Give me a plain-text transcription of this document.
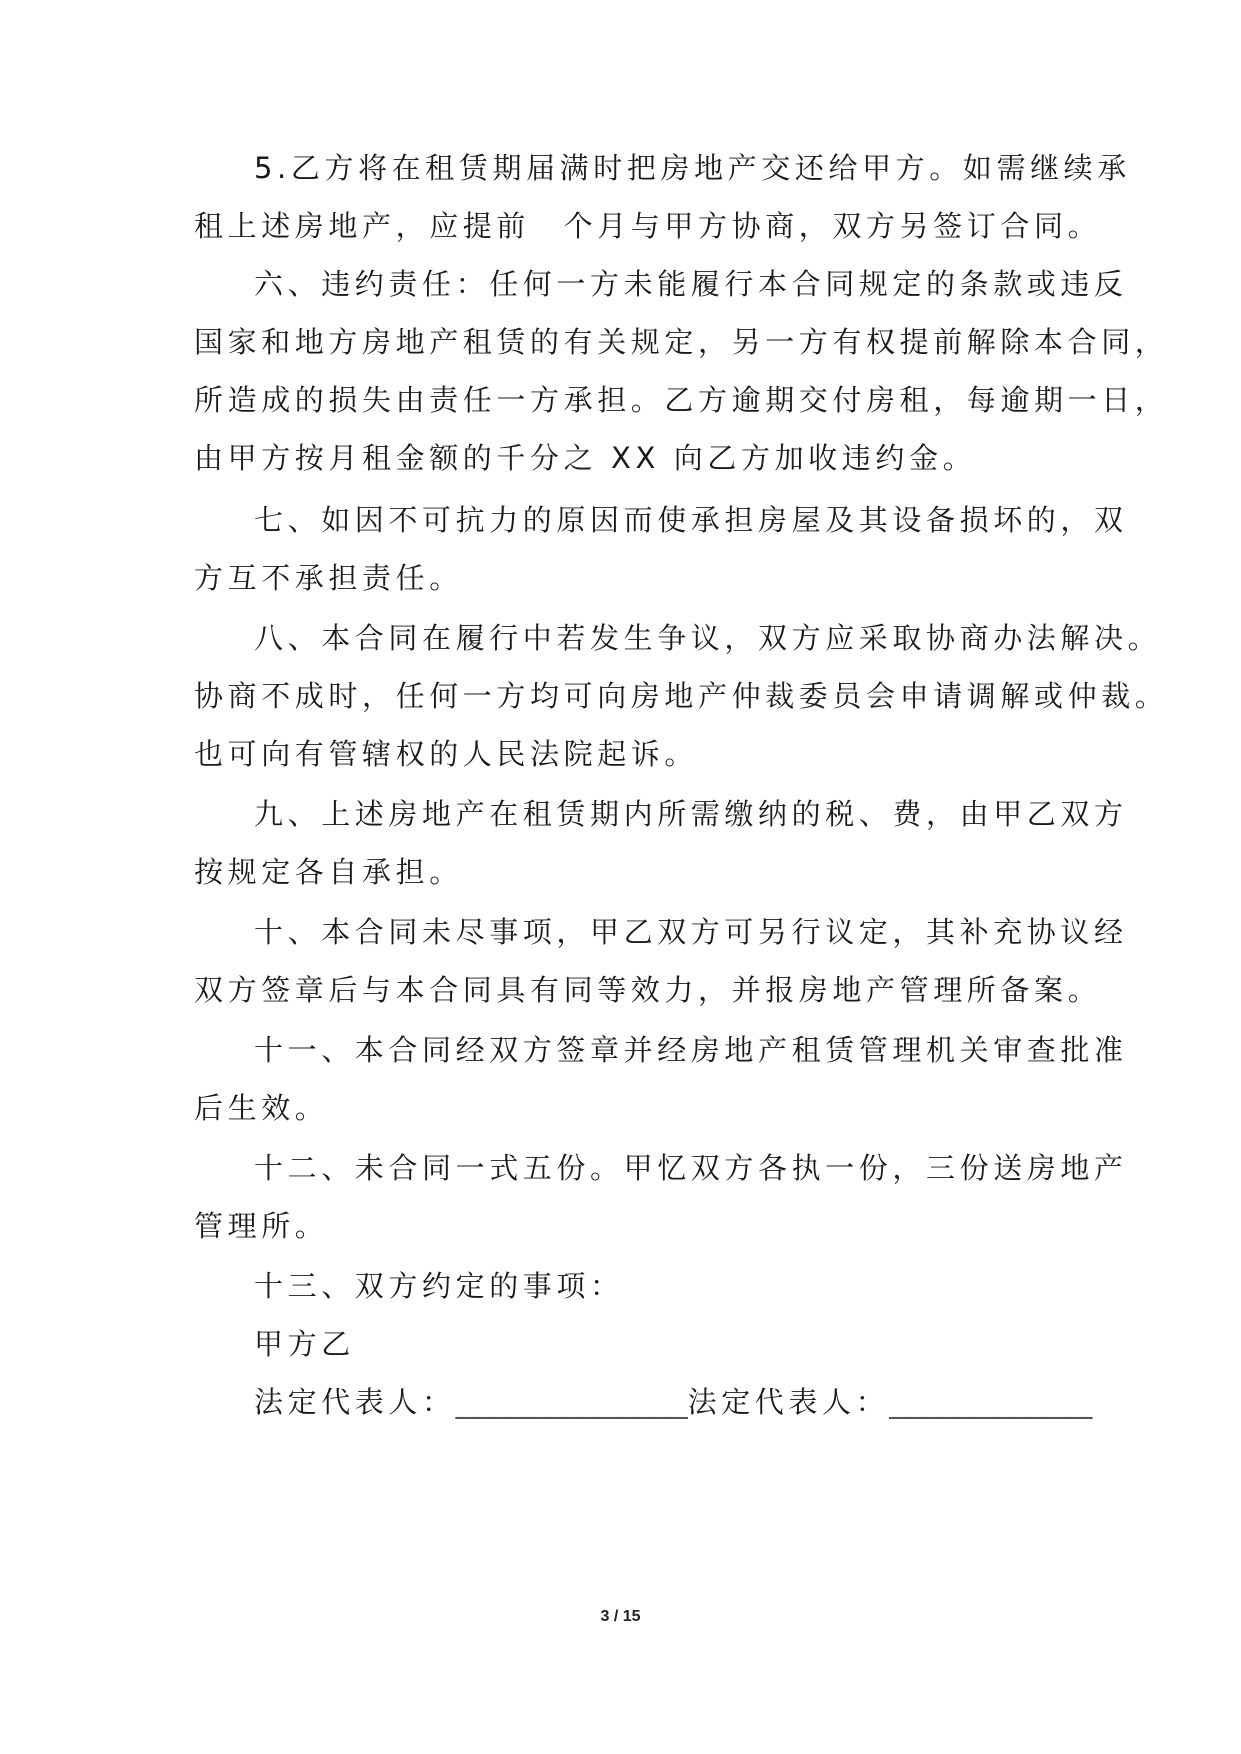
5.乙方将在租赁期届满时把房地产交还给甲方。如需继续承
租上述房地产，应提前　个月与甲方协商，双方另签订合同。
六、违约责任：任何一方未能履行本合同规定的条款或违反
国家和地方房地产租赁的有关规定，另一方有权提前解除本合同，
所造成的损失由责任一方承担。乙方逾期交付房租，每逾期一日，
由甲方按月租金额的千分之 XX 向乙方加收违约金。
七、如因不可抗力的原因而使承担房屋及其设备损坏的，双
方互不承担责任。
八、本合同在履行中若发生争议，双方应采取协商办法解决。
协商不成时，任何一方均可向房地产仲裁委员会申请调解或仲裁。
也可向有管辖权的人民法院起诉。
九、上述房地产在租赁期内所需缴纳的税、费，由甲乙双方
按规定各自承担。
十、本合同未尽事项，甲乙双方可另行议定，其补充协议经
双方签章后与本合同具有同等效力，并报房地产管理所备案。
十一、本合同经双方签章并经房地产租赁管理机关审查批准
后生效。
十二、未合同一式五份。甲忆双方各执一份，三份送房地产
管理所。
十三、双方约定的事项：
甲方乙
法定代表人：________________法定代表人：______________
3 / 15
